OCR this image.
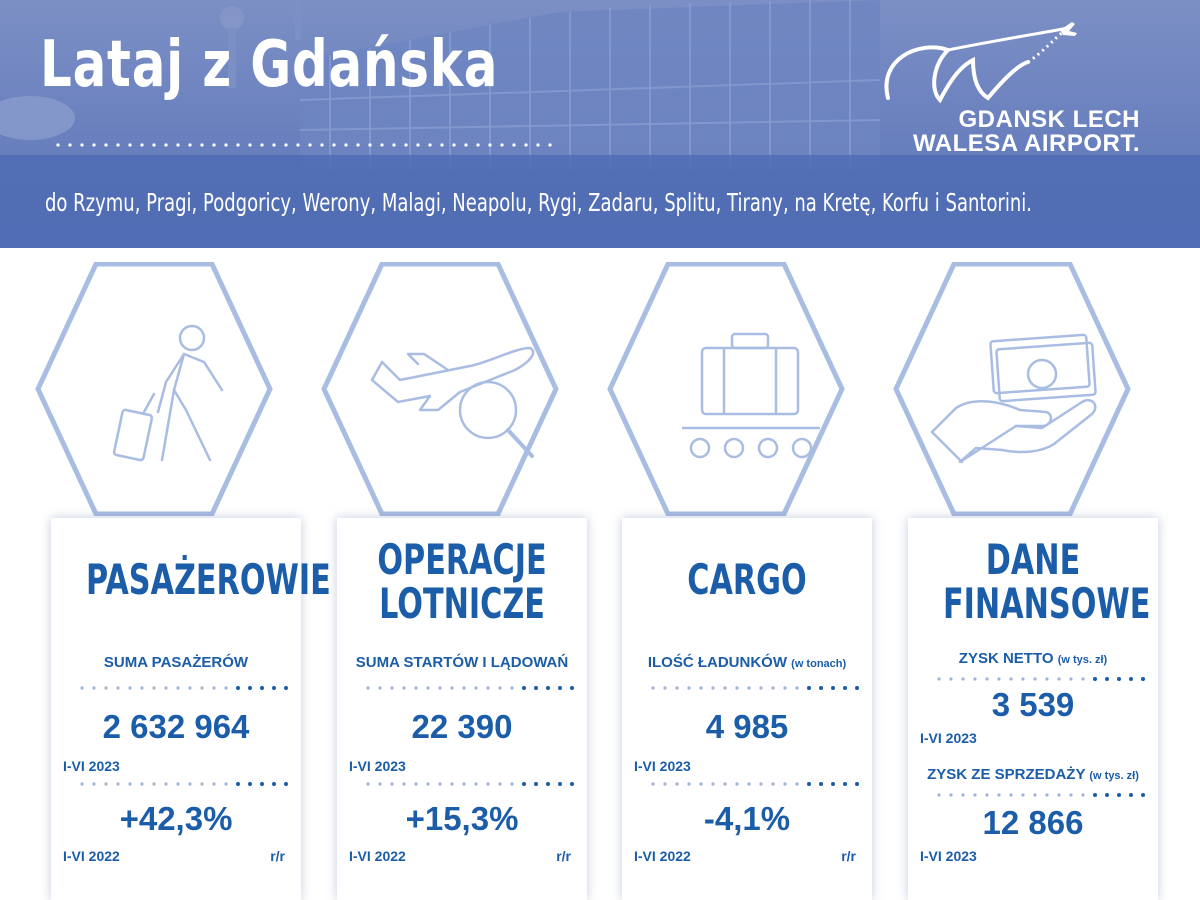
Lataj z Gdańska
do Rzymu, Pragi, Podgoricy, Werony, Malagi, Neapolu, Rygi, Zadaru, Splitu, Tirany, na Kretę, Korfu i Santorini.
GDANSK LECH
WALESA AIRPORT.
PASAŻEROWIE
SUMA PASAŻERÓW
2 632 964
I-VI 2023
+42,3%
I-VI 2022	r/r
OPERACJE LOTNICZE
SUMA STARTÓW I LĄDOWAŃ
22 390
I-VI 2023
+15,3%
I-VI 2022	r/r
CARGO
ILOŚĆ ŁADUNKÓW (w tonach)
4 985
I-VI 2023
-4,1%
I-VI 2022	r/r
DANE FINANSOWE
ZYSK NETTO (w tys. zł)
3 539
I-VI 2023
ZYSK ZE SPRZEDAŻY (w tys. zł)
12 866
I-VI 2023
